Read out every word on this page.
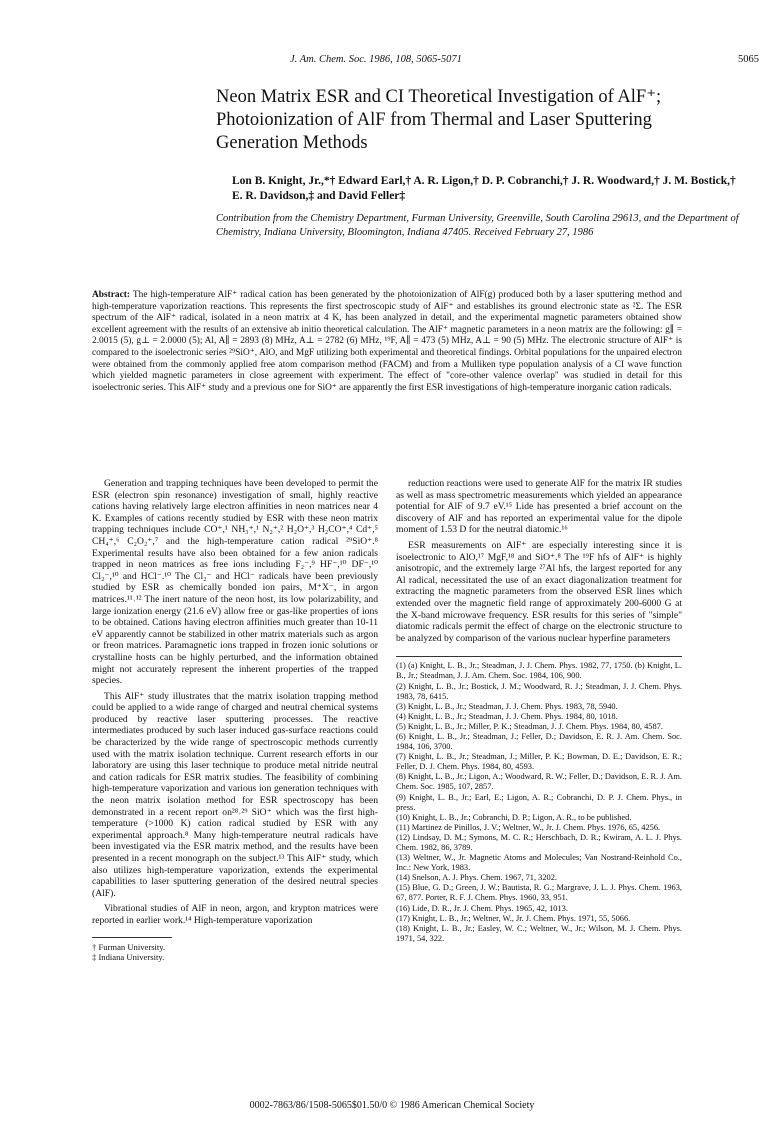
J. Am. Chem. Soc. 1986, 108, 5065-5071	5065
Neon Matrix ESR and CI Theoretical Investigation of AlF⁺; Photoionization of AlF from Thermal and Laser Sputtering Generation Methods
Lon B. Knight, Jr.,*† Edward Earl,† A. R. Ligon,† D. P. Cobranchi,† J. R. Woodward,† J. M. Bostick,† E. R. Davidson,‡ and David Feller‡
Contribution from the Chemistry Department, Furman University, Greenville, South Carolina 29613, and the Department of Chemistry, Indiana University, Bloomington, Indiana 47405. Received February 27, 1986
Abstract: The high-temperature AlF⁺ radical cation has been generated by the photoionization of AlF(g) produced both by a laser sputtering method and high-temperature vaporization reactions. This represents the first spectroscopic study of AlF⁺ and establishes its ground electronic state as ²Σ. The ESR spectrum of the AlF⁺ radical, isolated in a neon matrix at 4 K, has been analyzed in detail, and the experimental magnetic parameters obtained show excellent agreement with the results of an extensive ab initio theoretical calculation. The AlF⁺ magnetic parameters in a neon matrix are the following: g∥ = 2.0015 (5), g⊥ = 2.0000 (5); Al, A∥ = 2893 (8) MHz, A⊥ = 2782 (6) MHz, ¹⁹F, A∥ = 473 (5) MHz, A⊥ = 90 (5) MHz. The electronic structure of AlF⁺ is compared to the isoelectronic series ²⁹SiO⁺, AlO, and MgF utilizing both experimental and theoretical findings. Orbital populations for the unpaired electron were obtained from the commonly applied free atom comparison method (FACM) and from a Mulliken type population analysis of a CI wave function which yielded magnetic parameters in close agreement with experiment. The effect of "core-other valence overlap" was studied in detail for this isoelectronic series. This AlF⁺ study and a previous one for SiO⁺ are apparently the first ESR investigations of high-temperature inorganic cation radicals.

Generation and trapping techniques have been developed to permit the ESR (electron spin resonance) investigation of small, highly reactive cations having relatively large electron affinities in neon matrices near 4 K. Examples of cations recently studied by ESR with these neon matrix trapping techniques include CO⁺,¹ NH₃⁺,¹ N₂⁺,² H₂O⁺,³ H₂CO⁺,⁴ Cd⁺,⁵ CH₄⁺,⁶ C₂O₂⁺,⁷ and the high-temperature cation radical ²⁹SiO⁺.⁸ Experimental results have also been obtained for a few anion radicals trapped in neon matrices as free ions including F₂⁻,⁹ HF⁻,¹⁰ DF⁻,¹⁰ Cl₂⁻,¹⁰ and HCl⁻.¹⁰ The Cl₂⁻ and HCl⁻ radicals have been previously studied by ESR as chemically bonded ion pairs, M⁺X⁻, in argon matrices.¹¹˒¹² The inert nature of the neon host, its low polarizability, and large ionization energy (21.6 eV) allow free or gas-like properties of ions to be obtained. Cations having electron affinities much greater than 10-11 eV apparently cannot be stabilized in other matrix materials such as argon or freon matrices. Paramagnetic ions trapped in frozen ionic solutions or crystalline hosts can be highly perturbed, and the information obtained might not accurately represent the inherent properties of the trapped species.

This AlF⁺ study illustrates that the matrix isolation trapping method could be applied to a wide range of charged and neutral chemical systems produced by reactive laser sputtering processes. The reactive intermediates produced by such laser induced gas-surface reactions could be characterized by the wide range of spectroscopic methods currently used with the matrix isolation technique. Current research efforts in our laboratory are using this laser technique to produce metal nitride neutral and cation radicals for ESR matrix studies. The feasibility of combining high-temperature vaporization and various ion generation techniques with the neon matrix isolation method for ESR spectroscopy has been demonstrated in a recent report on²⁸˒²⁹ SiO⁺ which was the first high-temperature (>1000 K) cation radical studied by ESR with any experimental approach.⁸ Many high-temperature neutral radicals have been investigated via the ESR matrix method, and the results have been presented in a recent monograph on the subject.¹³ This AlF⁺ study, which also utilizes high-temperature vaporization, extends the experimental capabilities to laser sputtering generation of the desired neutral species (AlF).

Vibrational studies of AlF in neon, argon, and krypton matrices were reported in earlier work.¹⁴ High-temperature vaporization

† Furman University.
‡ Indiana University.

reduction reactions were used to generate AlF for the matrix IR studies as well as mass spectrometric measurements which yielded an appearance potential for AlF of 9.7 eV.¹⁵ Lide has presented a brief account on the discovery of AlF and has reported an experimental value for the dipole moment of 1.53 D for the neutral diatomic.¹⁶

ESR measurements on AlF⁺ are especially interesting since it is isoelectronic to AlO,¹⁷ MgF,¹⁸ and SiO⁺.⁸ The ¹⁹F hfs of AlF⁺ is highly anisotropic, and the extremely large ²⁷Al hfs, the largest reported for any Al radical, necessitated the use of an exact diagonalization treatment for extracting the magnetic parameters from the observed ESR lines which extended over the magnetic field range of approximately 200-6000 G at the X-band microwave frequency. ESR results for this series of "simple" diatomic radicals permit the effect of charge on the electronic structure to be analyzed by comparison of the various nuclear hyperfine parameters

(1) (a) Knight, L. B., Jr.; Steadman, J. J. Chem. Phys. 1982, 77, 1750. (b) Knight, L. B., Jr.; Steadman, J. J. Am. Chem. Soc. 1984, 106, 900.
(2) Knight, L. B., Jr.; Bostick, J. M.; Woodward, R. J.; Steadman, J. J. Chem. Phys. 1983, 78, 6415.
(3) Knight, L. B., Jr.; Steadman, J. J. Chem. Phys. 1983, 78, 5940.
(4) Knight, L. B., Jr.; Steadman, J. J. Chem. Phys. 1984, 80, 1018.
(5) Knight, L. B., Jr.; Miller, P. K.; Steadman, J. J. Chem. Phys. 1984, 80, 4587.
(6) Knight, L. B., Jr.; Steadman, J.; Feller, D.; Davidson, E. R. J. Am. Chem. Soc. 1984, 106, 3700.
(7) Knight, L. B., Jr.; Steadman, J.; Miller, P. K.; Bowman, D. E.; Davidson, E. R.; Feller, D. J. Chem. Phys. 1984, 80, 4593.
(8) Knight, L. B., Jr.; Ligon, A.; Woodward, R. W.; Feller, D.; Davidson, E. R. J. Am. Chem. Soc. 1985, 107, 2857.
(9) Knight, L. B., Jr.; Earl, E.; Ligon, A. R.; Cobranchi, D. P. J. Chem. Phys., in press.
(10) Knight, L. B., Jr.; Cobranchi, D. P.; Ligon, A. R., to be published.
(11) Martinez de Pinillos, J. V.; Weltner, W., Jr. J. Chem. Phys. 1976, 65, 4256.
(12) Lindsay, D. M.; Symons, M. C. R.; Herschbach, D. R.; Kwiram, A. L. J. Phys. Chem. 1982, 86, 3789.
(13) Weltner, W., Jr. Magnetic Atoms and Molecules; Van Nostrand-Reinhold Co., Inc.: New York, 1983.
(14) Snelson, A. J. Phys. Chem. 1967, 71, 3202.
(15) Blue, G. D.; Green, J. W.; Bautista, R. G.; Margrave, J. L. J. Phys. Chem. 1963, 67, 877. Porter, R. F. J. Chem. Phys. 1960, 33, 951.
(16) Lide, D. R., Jr. J. Chem. Phys. 1965, 42, 1013.
(17) Knight, L. B., Jr.; Weltner, W., Jr. J. Chem. Phys. 1971, 55, 5066.
(18) Knight, L. B., Jr.; Easley, W. C.; Weltner, W., Jr.; Wilson, M. J. Chem. Phys. 1971, 54, 322.
0002-7863/86/1508-5065$01.50/0 © 1986 American Chemical Society
